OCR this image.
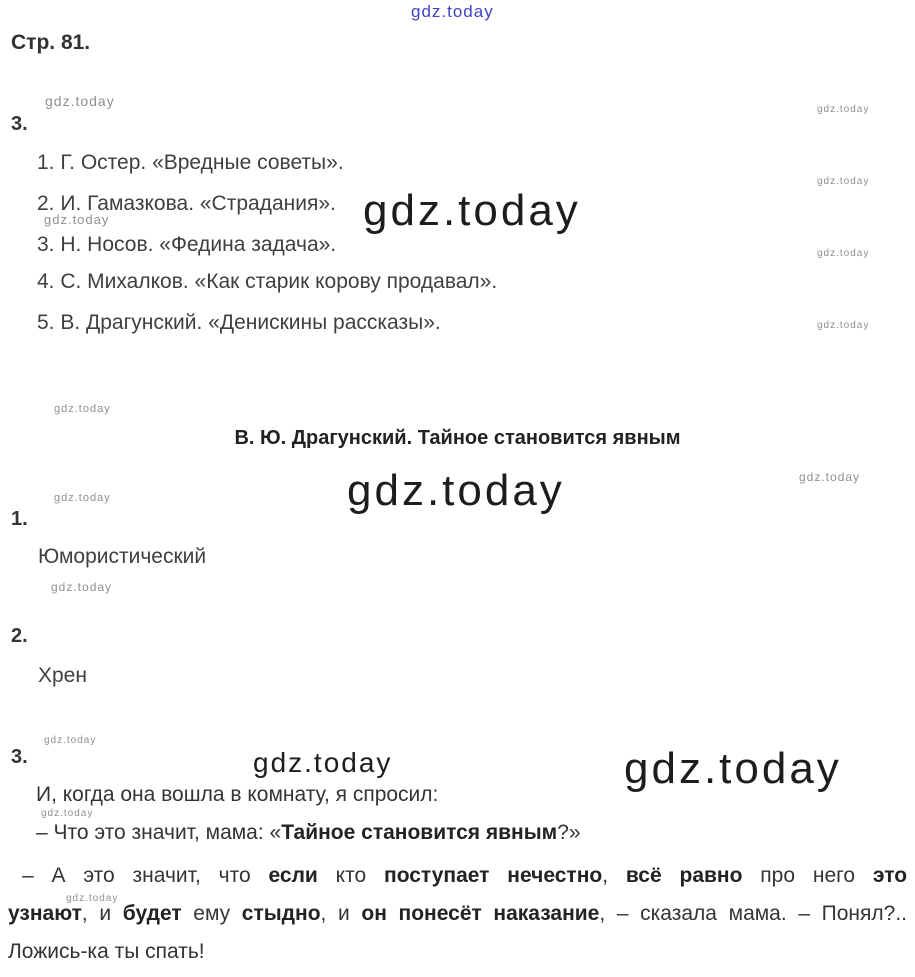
gdz.today
gdz.today
gdz.today	gdz.today
gdz.today
gdz.today
gdz.today
gdz.today
gdz.today
gdz.today
gdz.today
gdz.today
gdz.today
gdz.today
gdz.today	gdz.today
gdz.today
gdz.today
Стр. 81.
3.
1. Г. Остер. «Вредные советы».
2. И. Гамазкова. «Страдания».
3. Н. Носов. «Федина задача».
4. С. Михалков. «Как старик корову продавал».
5. В. Драгунский. «Денискины рассказы».
В. Ю. Драгунский. Тайное становится явным
1.
Юмористический
2.
Хрен
3.
И, когда она вошла в комнату, я спросил:
– Что это значит, мама: «Тайное становится явным?»
– А это значит, что если кто поступает нечестно, всё равно про него это
узнают, и будет ему стыдно, и он понесёт наказание, – сказала мама. – Понял?..
Ложись-ка ты спать!
